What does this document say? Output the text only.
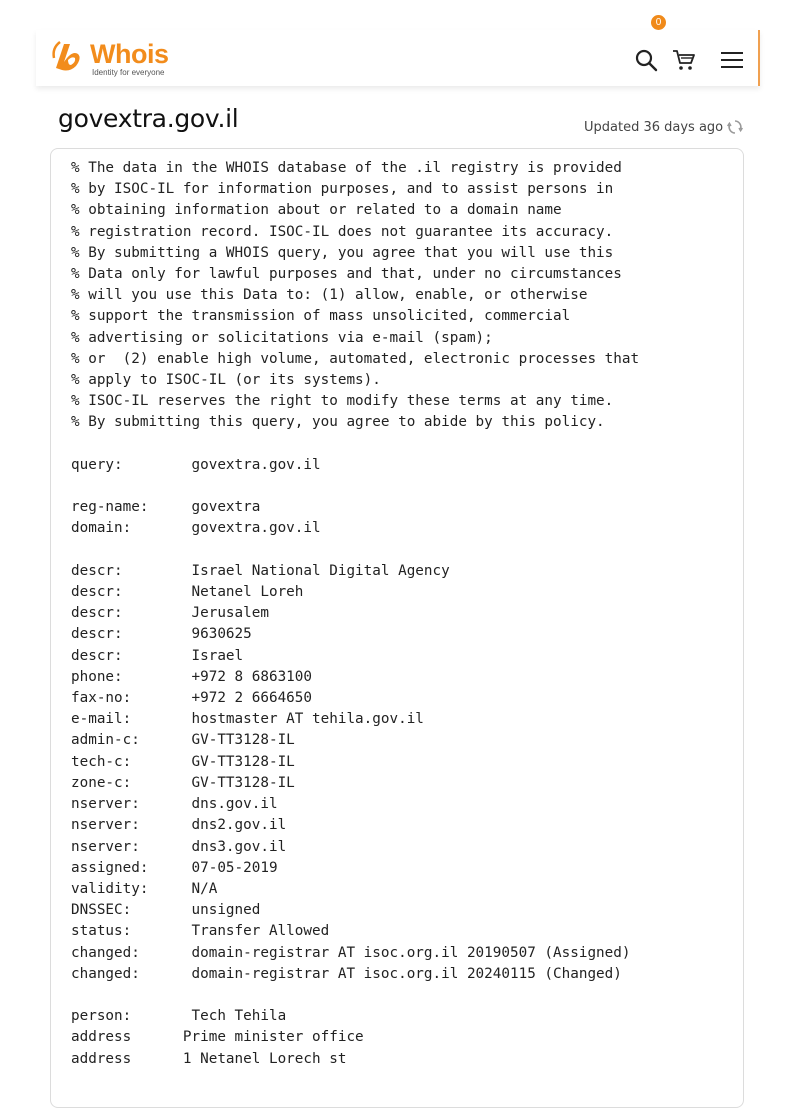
Whois
Identity for everyone
0
govextra.gov.il	Updated 36 days ago
% The data in the WHOIS database of the .il registry is provided
% by ISOC-IL for information purposes, and to assist persons in
% obtaining information about or related to a domain name
% registration record. ISOC-IL does not guarantee its accuracy.
% By submitting a WHOIS query, you agree that you will use this
% Data only for lawful purposes and that, under no circumstances
% will you use this Data to: (1) allow, enable, or otherwise
% support the transmission of mass unsolicited, commercial
% advertising or solicitations via e-mail (spam);
% or  (2) enable high volume, automated, electronic processes that
% apply to ISOC-IL (or its systems).
% ISOC-IL reserves the right to modify these terms at any time.
% By submitting this query, you agree to abide by this policy.

query:        govextra.gov.il

reg-name:     govextra
domain:       govextra.gov.il

descr:        Israel National Digital Agency
descr:        Netanel Loreh
descr:        Jerusalem
descr:        9630625
descr:        Israel
phone:        +972 8 6863100
fax-no:       +972 2 6664650
e-mail:       hostmaster AT tehila.gov.il
admin-c:      GV-TT3128-IL
tech-c:       GV-TT3128-IL
zone-c:       GV-TT3128-IL
nserver:      dns.gov.il
nserver:      dns2.gov.il
nserver:      dns3.gov.il
assigned:     07-05-2019
validity:     N/A
DNSSEC:       unsigned
status:       Transfer Allowed
changed:      domain-registrar AT isoc.org.il 20190507 (Assigned)
changed:      domain-registrar AT isoc.org.il 20240115 (Changed)

person:       Tech Tehila
address      Prime minister office
address      1 Netanel Lorech st
